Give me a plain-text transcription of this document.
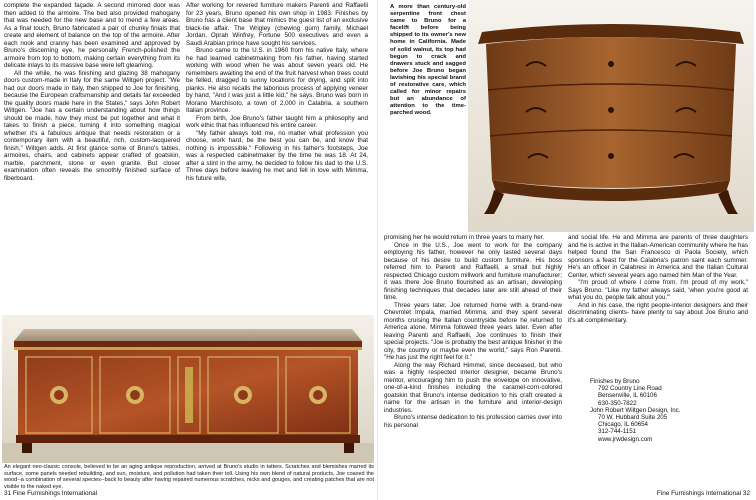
complete the expanded façade. A second mirrored door was then added to the armoire. The bed also provided mahogany that was needed for the new base and to mend a few areas. As a final touch, Bruno fabricated a pair of chunky finials that create and element of balance on the top of the armoire. After each nook and cranny has been examined and approved by Bruno's discerning eye, he personally French-polished the armoire from top to bottom, making certain everything from its delicate inlays to its massive base were left gleaming.

All the while, he was finishing and glazing 38 mahogany doors custom-made in Italy for the same Wiltgen project. "We had our doors made in Italy, then shipped to Joe for finishing, because the European craftsmanship and details far exceeded the quality doors made here in the States," says John Robert Wiltgen. "Joe has a certain understanding about how things should be made, how they must be put together and what it takes to finish a piece, turning it into something magical whether it's a fabulous antique that needs restoration or a contemporary item with a beautiful, rich, custom-lacquered finish," Wiltgen adds. At first glance some of Bruno's tables, armoires, chairs, and cabinets appear crafted of goatskin, marble, parchment, stone or even granite. But closer examination often reveals the smoothly finished surface of fiberboard.

After working for revered furniture makers Parenti and Raffaelli for 23 years, Bruno opened his own shop in 1983. Finishes by Bruno has a client base that mimics the guest list of an exclusive black-tie affair. The Wrigley (chewing gum) family, Michael Jordan, Oprah Winfrey, Fortune 500 executives and even a Saudi Arabian prince have sought his services.

Bruno came to the U.S. in 1960 from his native Italy, where he had learned cabinetmaking from his father, having started working with wood when he was about seven years old. He remembers awaiting the end of the fruit harvest when trees could be felled, dragged to sunny locations for drying, and split into planks. He also recalls the laborious process of applying veneer by hand, "And I was just a little kid," he says. Bruno was born in Morano Marchisoto, a town of 2,000 in Calabria, a southern Italian province.

From birth, Joe Bruno's father taught him a philosophy and work ethic that has influenced his entire career.

"My father always told me, no matter what profession you choose, work hard, be the best you can be, and know that nothing is impossible." Following in his father's footsteps, Joe was a respected cabinetmaker by the time he was 18. At 24, after a stint in the army, he decided to follow his dad to the U.S. Three days before leaving he met and fell in love with Mimma, his future wife,

An elegant neo-classic console, believed to be an aging antique reproduction, arrived at Bruno's studio in tatters. Scratches and blemishes marred its surface, some panels needed rebuilding, and sun, moisture, and pollution had taken their toll. Using his own blend of natural products, Joe coaxed the wood--a combination of several species--back to beauty after having repaired numerous scratches, nicks and gouges, and creating patches that are not visible to the naked eye.
31 Fine Furnishings International
A more than century-old serpentine front chest came to Bruno for a facelift before being shipped to its owner's new home in California. Made of solid walnut, its top had begun to crack and drawers stuck and sagged before Joe Bruno began lavishing his special brand of restorative care, which called for minor repairs but an abundance of attention to the time-parched wood.

promising her he would return in three years to marry her.

Once in the U.S., Joe went to work for the company employing his father, however he only lasted several days because of his desire to build custom furniture. His boss referred him to Parenti and Raffaelli, a small but highly respected Chicago custom millwork and furniture manufacturer; it was there Joe Bruno flourished as an artisan, developing finishing techniques that decades later are still ahead of their time.

Three years later, Joe returned home with a brand-new Chevrolet Impala, married Mimma, and they spent several months cruising the Italian countryside before he returned to America alone. Mimma followed three years later. Even after leaving Parenti and Raffaelli, Joe continues to finish their special projects. "Joe is probably the best antique finisher in the city, the country or maybe even the world," says Ron Parenti. "He has just the right feel for it."

Along the way Richard Himmel, since deceased, but who was a highly respected interior designer, became Bruno's mentor, encouraging him to push the envelope on innovative, one-of-a-kind finishes including the caramel-corn-colored goatskin that Bruno's intense dedication to his craft created a name for the artisan in the furniture and interior-design industries.

Bruno's intense dedication to his profession carries over into his personal

and social life. He and Mimma are parents of three daughters and he is active in the Italian-American community where he has helped found the San Francesco di Paola Society, which sponsors a feast for the Calabria's patron saint each summer. He's an officer in Calabresi in America and the Italian Cultural Center, which several years ago named him Man of the Year.

"I'm proud of where I come from. I'm proud of my work," Says Bruno. "Like my father always said, 'when you're good at what you do, people talk about you.'"

And in his case, the right people-interior designers and their discriminating clients- have plenty to say about Joe Bruno and it's all complimentary.

Finishes by Bruno
792 Country Line Road
Bensenville, IL 60106
630-350-7822
John Robert Wiltgen Design, Inc.
70 W. Hubbard Suite 205
Chicago, IL 60654
312-744-1151
www.jrwdesign.com
Fine Furnishings International 32
